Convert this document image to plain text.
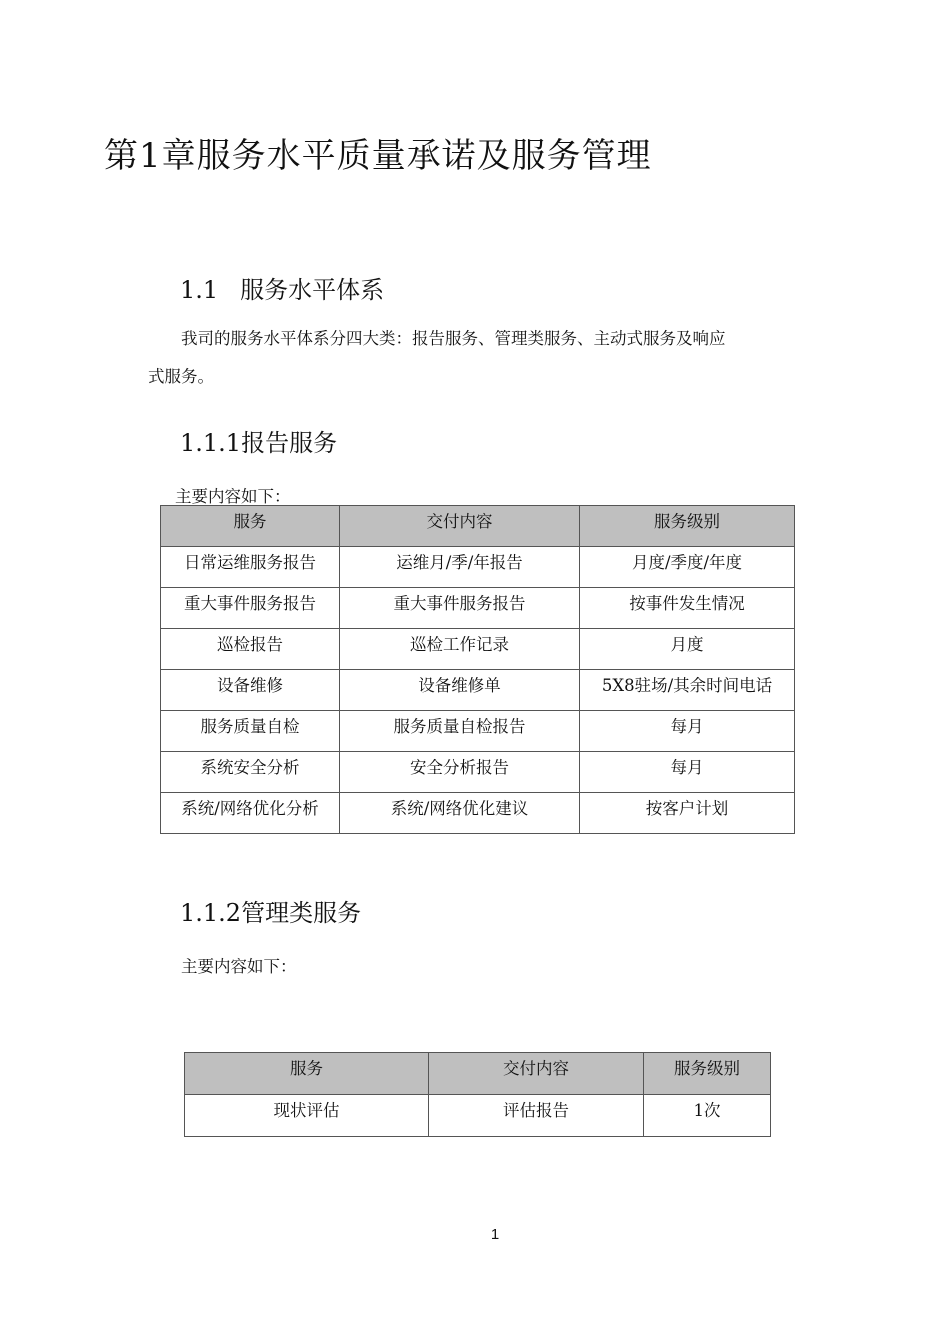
第1章服务水平质量承诺及服务管理
1.1 服务水平体系
我司的服务水平体系分四大类：报告服务、管理类服务、主动式服务及响应
式服务。
1.1.1报告服务
主要内容如下：
服务	交付内容	服务级别
日常运维服务报告	运维月/季/年报告	月度/季度/年度
重大事件服务报告	重大事件服务报告	按事件发生情况
巡检报告	巡检工作记录	月度
设备维修	设备维修单	5X8驻场/其余时间电话
服务质量自检	服务质量自检报告	每月
系统安全分析	安全分析报告	每月
系统/网络优化分析	系统/网络优化建议	按客户计划
1.1.2管理类服务
主要内容如下：
服务	交付内容	服务级别
现状评估	评估报告	1次
1
